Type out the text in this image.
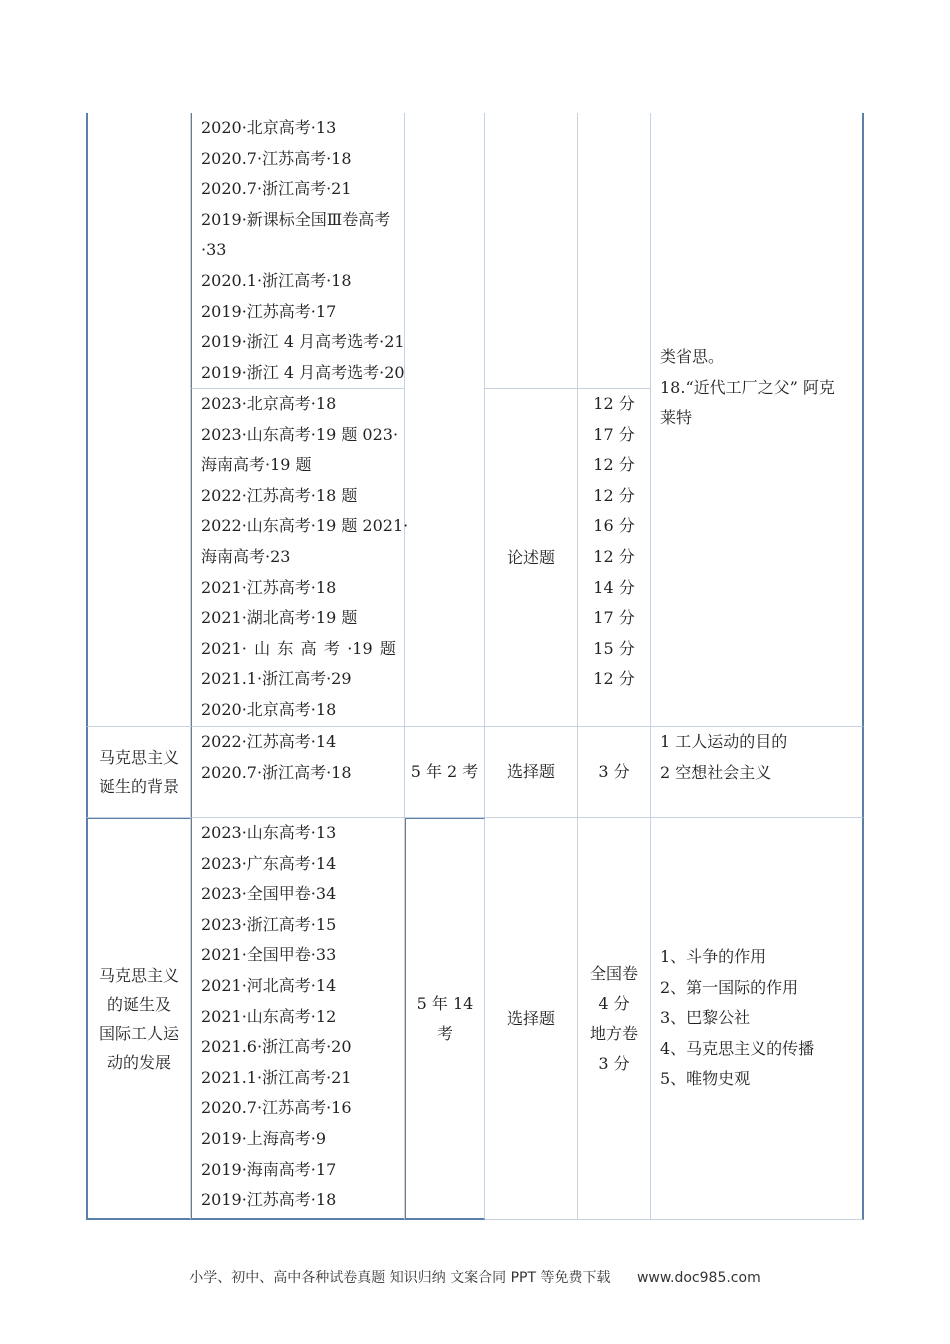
2020·北京高考·13
2020.7·江苏高考·18
2020.7·浙江高考·21
2019·新课标全国Ⅲ卷高考
·33
2020.1·浙江高考·18
2019·江苏高考·17
2019·浙江 4 月高考选考·21
2019·浙江 4 月高考选考·20
2023·北京高考·18
2023·山东高考·19 题 023·
海南高考·19 题
2022·江苏高考·18 题
2022·山东高考·19 题 2021·
海南高考·23
2021·江苏高考·18
2021·湖北高考·19 题
2021· 山 东 高 考 ·19 题
2021.1·浙江高考·29
2020·北京高考·18
论述题
12 分
17 分
12 分
12 分
16 分
12 分
14 分
17 分
15 分
12 分
类省思。
18.“近代工厂之父” 阿克
莱特
马克思主义
诞生的背景
2022·江苏高考·14
2020.7·浙江高考·18	5 年 2 考 选择题	3 分
1 工人运动的目的
2 空想社会主义
马克思主义
的诞生及
国际工人运
动的发展
2023·山东高考·13
2023·广东高考·14
2023·全国甲卷·34
2023·浙江高考·15
2021·全国甲卷·33
2021·河北高考·14
2021·山东高考·12
2021.6·浙江高考·20
2021.1·浙江高考·21
2020.7·江苏高考·16
2019·上海高考·9
2019·海南高考·17
2019·江苏高考·18
5 年 14
考
选择题
全国卷
4 分
地方卷
3 分
1、斗争的作用
2、第一国际的作用
3、巴黎公社
4、马克思主义的传播
5、唯物史观
小学、初中、高中各种试卷真题 知识归纳 文案合同 PPT 等免费下载 www.doc985.com
